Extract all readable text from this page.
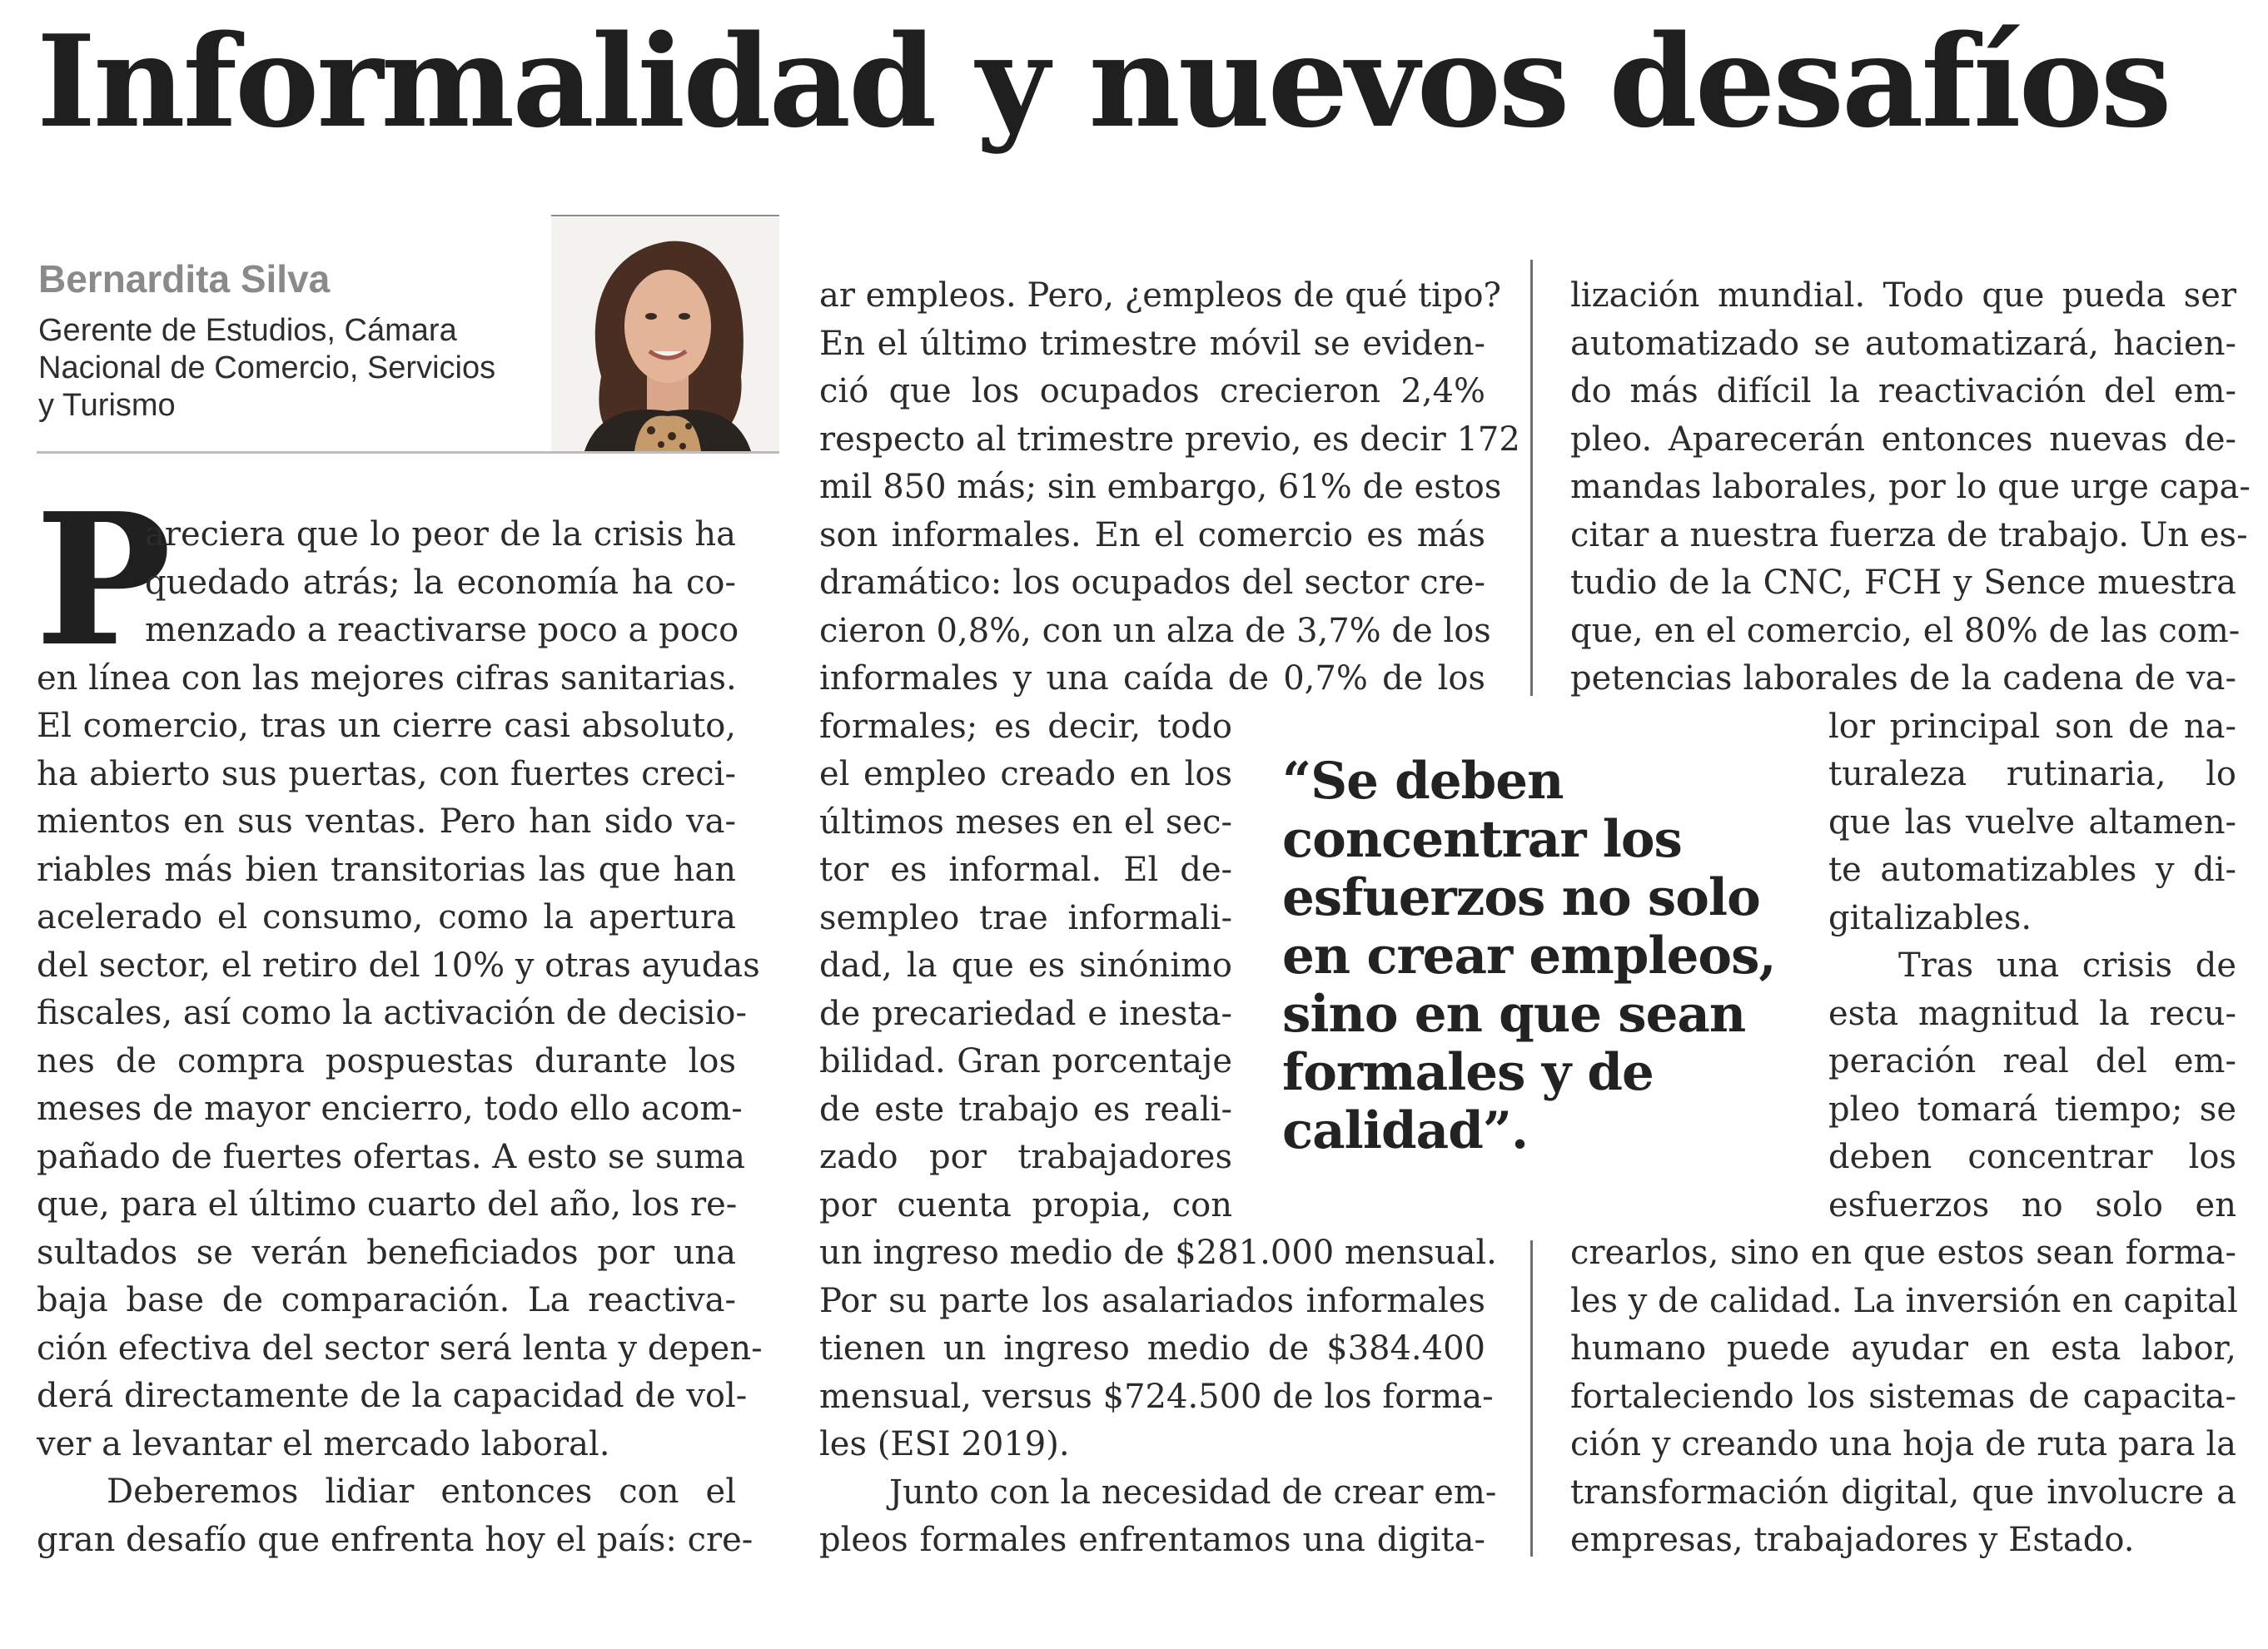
Informalidad y nuevos desafíos
Bernardita Silva
Gerente de Estudios, Cámara
Nacional de Comercio, Servicios
y Turismo
P
areciera que lo peor de la crisis ha
quedado atrás; la economía ha co-
menzado a reactivarse poco a poco
en línea con las mejores cifras sanitarias.
El comercio, tras un cierre casi absoluto,
ha abierto sus puertas, con fuertes creci-
mientos en sus ventas. Pero han sido va-
riables más bien transitorias las que han
acelerado el consumo, como la apertura
del sector, el retiro del 10% y otras ayudas
fiscales, así como la activación de decisio-
nes de compra pospuestas durante los
meses de mayor encierro, todo ello acom-
pañado de fuertes ofertas. A esto se suma
que, para el último cuarto del año, los re-
sultados se verán beneficiados por una
baja base de comparación. La reactiva-
ción efectiva del sector será lenta y depen-
derá directamente de la capacidad de vol-
ver a levantar el mercado laboral.
Deberemos lidiar entonces con el
gran desafío que enfrenta hoy el país: cre-
ar empleos. Pero, ¿empleos de qué tipo?
En el último trimestre móvil se eviden-
ció que los ocupados crecieron 2,4%
respecto al trimestre previo, es decir 172
mil 850 más; sin embargo, 61% de estos
son informales. En el comercio es más
dramático: los ocupados del sector cre-
cieron 0,8%, con un alza de 3,7% de los
informales y una caída de 0,7% de los
formales; es decir, todo
el empleo creado en los
últimos meses en el sec-
tor es informal. El de-
sempleo trae informali-
dad, la que es sinónimo
de precariedad e inesta-
bilidad. Gran porcentaje
de este trabajo es reali-
zado por trabajadores
por cuenta propia, con
un ingreso medio de $281.000 mensual.
Por su parte los asalariados informales
tienen un ingreso medio de $384.400
mensual, versus $724.500 de los forma-
les (ESI 2019).
Junto con la necesidad de crear em-
pleos formales enfrentamos una digita-
“Se deben
concentrar los
esfuerzos no solo
en crear empleos,
sino en que sean
formales y de
calidad”.
lización mundial. Todo que pueda ser
automatizado se automatizará, hacien-
do más difícil la reactivación del em-
pleo. Aparecerán entonces nuevas de-
mandas laborales, por lo que urge capa-
citar a nuestra fuerza de trabajo. Un es-
tudio de la CNC, FCH y Sence muestra
que, en el comercio, el 80% de las com-
petencias laborales de la cadena de va-
lor principal son de na-
turaleza rutinaria, lo
que las vuelve altamen-
te automatizables y di-
gitalizables.
Tras una crisis de
esta magnitud la recu-
peración real del em-
pleo tomará tiempo; se
deben concentrar los
esfuerzos no solo en
crearlos, sino en que estos sean forma-
les y de calidad. La inversión en capital
humano puede ayudar en esta labor,
fortaleciendo los sistemas de capacita-
ción y creando una hoja de ruta para la
transformación digital, que involucre a
empresas, trabajadores y Estado.
